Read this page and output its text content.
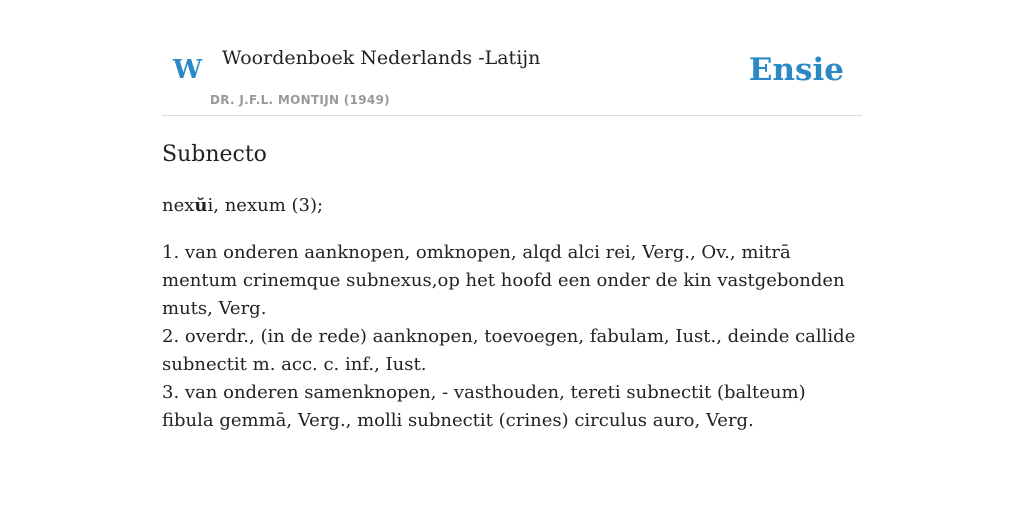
W Woordenboek Nederlands -Latijn
DR. J.F.L. MONTIJN (1949)
Ensie
Subnecto
nexŭi, nexum (3);
1. van onderen aanknopen, omknopen, alqd alci rei, Verg., Ov., mitrā mentum crinemque subnexus,op het hoofd een onder de kin vastgebonden muts, Verg.
2. overdr., (in de rede) aanknopen, toevoegen, fabulam, Iust., deinde callide subnectit m. acc. c. inf., Iust.
3. van onderen samenknopen, - vasthouden, tereti subnectit (balteum) fibula gemmā, Verg., molli subnectit (crines) circulus auro, Verg.
